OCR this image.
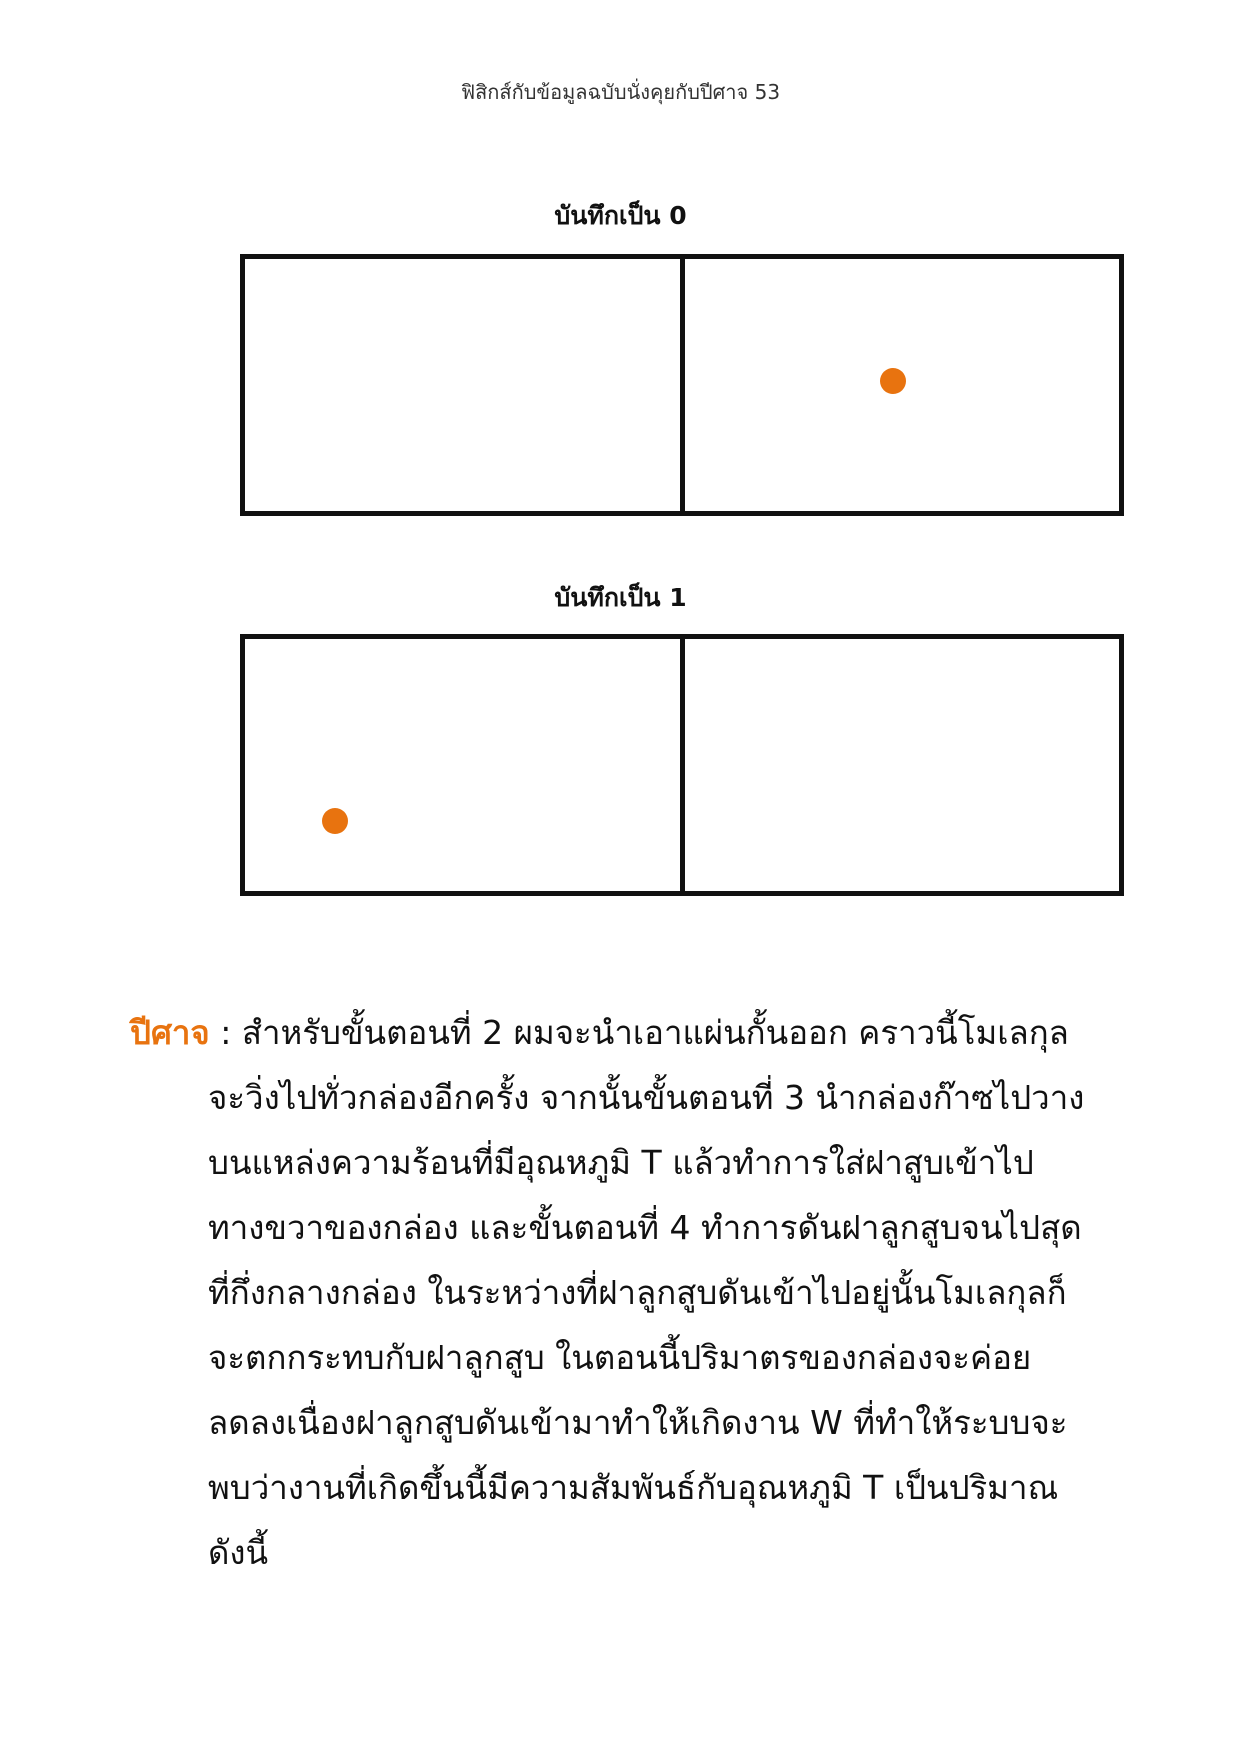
ฟิสิกส์กับข้อมูลฉบับนั่งคุยกับปีศาจ 53
บันทึกเป็น 0
บันทึกเป็น 1
ปีศาจ : สำหรับขั้นตอนที่ 2 ผมจะนำเอาแผ่นกั้นออก คราวนี้โมเลกุล
จะวิ่งไปทั่วกล่องอีกครั้ง จากนั้นขั้นตอนที่ 3 นำกล่องก๊าซไปวาง
บนแหล่งความร้อนที่มีอุณหภูมิ T แล้วทำการใส่ฝาสูบเข้าไป
ทางขวาของกล่อง และขั้นตอนที่ 4 ทำการดันฝาลูกสูบจนไปสุด
ที่กึ่งกลางกล่อง ในระหว่างที่ฝาลูกสูบดันเข้าไปอยู่นั้นโมเลกุลก็
จะตกกระทบกับฝาลูกสูบ ในตอนนี้ปริมาตรของกล่องจะค่อย
ลดลงเนื่องฝาลูกสูบดันเข้ามาทำให้เกิดงาน W ที่ทำให้ระบบจะ
พบว่างานที่เกิดขึ้นนี้มีความสัมพันธ์กับอุณหภูมิ T เป็นปริมาณ
ดังนี้
